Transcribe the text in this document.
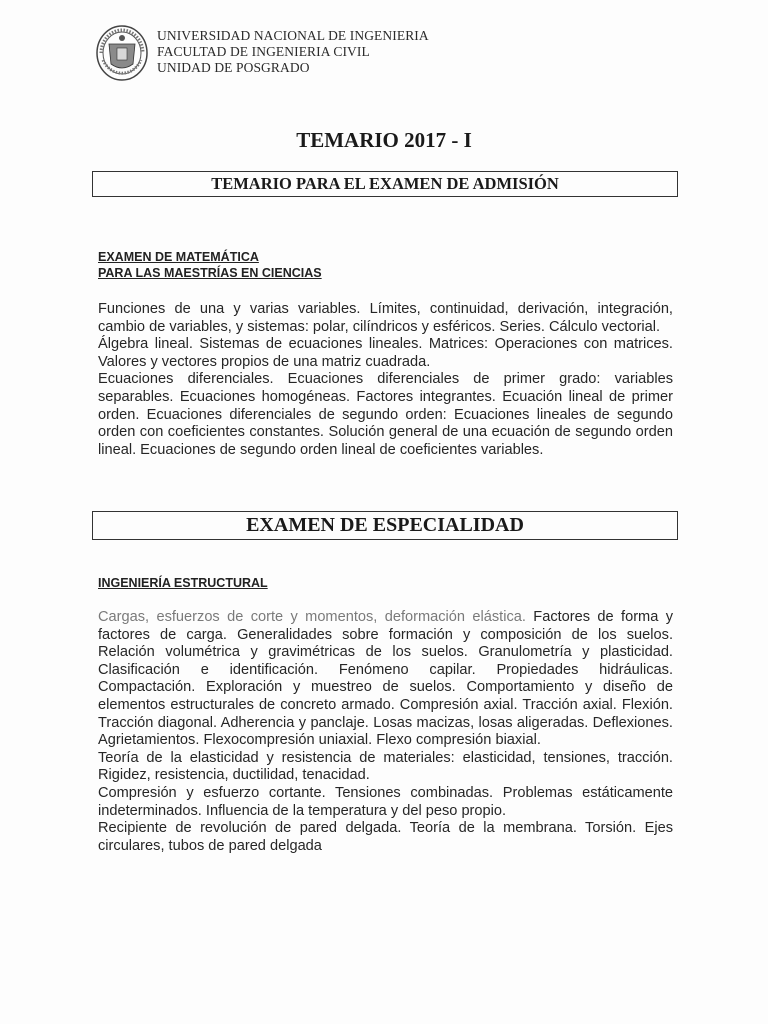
UNIVERSIDAD NACIONAL DE INGENIERIA
FACULTAD DE INGENIERIA CIVIL
UNIDAD DE POSGRADO
TEMARIO 2017 - I
TEMARIO PARA EL EXAMEN DE ADMISIÓN
EXAMEN DE MATEMÁTICA
PARA LAS MAESTRÍAS EN CIENCIAS

Funciones de una y varias variables. Límites, continuidad, derivación, integración, cambio de variables, y sistemas: polar, cilíndricos y esféricos. Series. Cálculo vectorial.

Álgebra lineal. Sistemas de ecuaciones lineales. Matrices: Operaciones con matrices. Valores y vectores propios de una matriz cuadrada.

Ecuaciones diferenciales. Ecuaciones diferenciales de primer grado: variables separables. Ecuaciones homogéneas. Factores integrantes. Ecuación lineal de primer orden. Ecuaciones diferenciales de segundo orden: Ecuaciones lineales de segundo orden con coeficientes constantes. Solución general de una ecuación de segundo orden lineal. Ecuaciones de segundo orden lineal de coeficientes variables.

EXAMEN DE ESPECIALIDAD
INGENIERÍA ESTRUCTURAL

Cargas, esfuerzos de corte y momentos, deformación elástica. Factores de forma y factores de carga. Generalidades sobre formación y composición de los suelos. Relación volumétrica y gravimétricas de los suelos. Granulometría y plasticidad. Clasificación e identificación. Fenómeno capilar. Propiedades hidráulicas. Compactación. Exploración y muestreo de suelos. Comportamiento y diseño de elementos estructurales de concreto armado. Compresión axial. Tracción axial. Flexión. Tracción diagonal. Adherencia y panclaje. Losas macizas, losas aligeradas. Deflexiones. Agrietamientos. Flexocompresión uniaxial. Flexo compresión biaxial.

Teoría de la elasticidad y resistencia de materiales: elasticidad, tensiones, tracción. Rigidez, resistencia, ductilidad, tenacidad.

Compresión y esfuerzo cortante. Tensiones combinadas. Problemas estáticamente indeterminados. Influencia de la temperatura y del peso propio.

Recipiente de revolución de pared delgada. Teoría de la membrana. Torsión. Ejes circulares, tubos de pared delgada
